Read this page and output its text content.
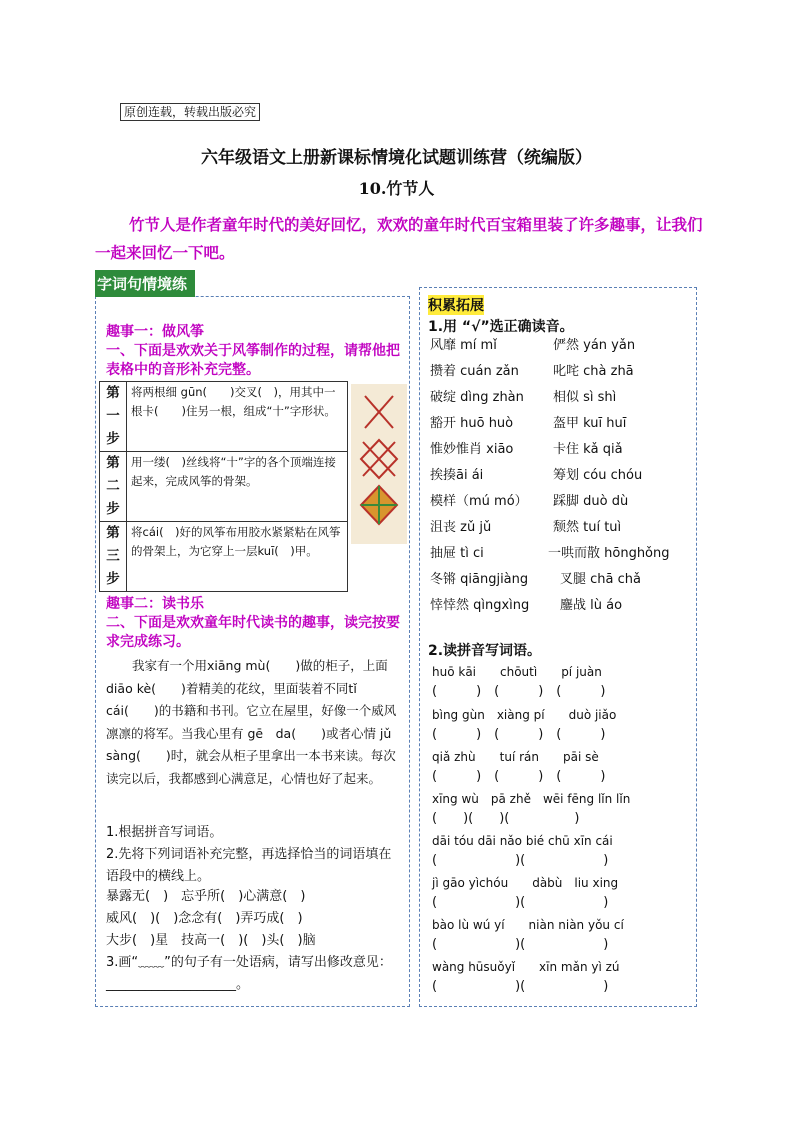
原创连载，转载出版必究
六年级语文上册新课标情境化试题训练营（统编版）
10.竹节人
竹节人是作者童年时代的美好回忆，欢欢的童年时代百宝箱里装了许多趣事，让我们一起来回忆一下吧。
字词句情境练
趣事一：做风筝
一、下面是欢欢关于风筝制作的过程，请帮他把表格中的音形补充完整。
第一步	将两根细 gūn(　　)交叉(　)，用其中一根卡(　　)住另一根，组成“十”字形状。
第二步	用一缕(　)丝线将“十”字的各个顶端连接起来，完成风筝的骨架。
第三步	将cái(　)好的风筝布用胶水紧紧粘在风筝的骨架上，为它穿上一层kuī(　)甲。
趣事二：读书乐
二、下面是欢欢童年时代读书的趣事，读完按要求完成练习。
我家有一个用xiāng mù(　　)做的柜子，上面diāo kè(　　)着精美的花纹，里面装着不同tǐ cái(　　)的书籍和书刊。它立在屋里，好像一个威风凛凛的将军。当我心里有 gē　da(　　)或者心情 jǔ sàng(　　)时，就会从柜子里拿出一本书来读。每次读完以后，我都感到心满意足，心情也好了起来。
1.根据拼音写词语。
2.先将下列词语补充完整，再选择恰当的词语填在语段中的横线上。
暴露无(　)　忘乎所(　)心满意(　)
威风(　)(　)念念有(　)弄巧成(　)
大步(　)星　技高一(　)(　)头(　)脑
3.画“﹏﹏”的句子有一处语病，请写出修改意见：____________________。
积累拓展
1.用 “√”选正确读音。
风靡 mí mǐ	俨然 yán yǎn
攒着 cuán zǎn	叱咤 chà zhā
破绽 dìng zhàn 相似 sì shì
豁开 huō huò	盔甲 kuī huī
惟妙惟肖 xiāo	卡住 kǎ qiǎ
挨揍āi ái	筹划 cóu chóu
模样（mú mó） 踩脚 duò dù
沮丧 zǔ jǔ	颓然 tuí tuì
抽屉 tì ci	一哄而散 hōnghǒng
冬锵 qiāngjiàng 叉腿 chā chǎ
悻悻然 qìngxìng 鏖战 lù áo
2.读拼音写词语。
huō kāi　　chōutì　　pí juàn
(　　　)　(　　　)　(　　　)
bìng gùn　xiàng pí　　duò jiǎo
(　　　)　(　　　)　(　　　)
qiǎ zhù　　tuí rán　　pāi sè
(　　　)　(　　　)　(　　　)
xīng wù　pā zhě　wēi fēng lǐn lǐn
(　　)(　　)(　　　　　)
dāi tóu dāi nǎo bié chū xīn cái
(　　　　　　)(　　　　　　)
jì gāo yìchóu　　dàbù　liu xing
(　　　　　　)(　　　　　　)
bào lù wú yí　　niàn niàn yǒu cí
(　　　　　　)(　　　　　　)
wàng hūsuǒyǐ　　xīn mǎn yì zú
(　　　　　　)(　　　　　　)
